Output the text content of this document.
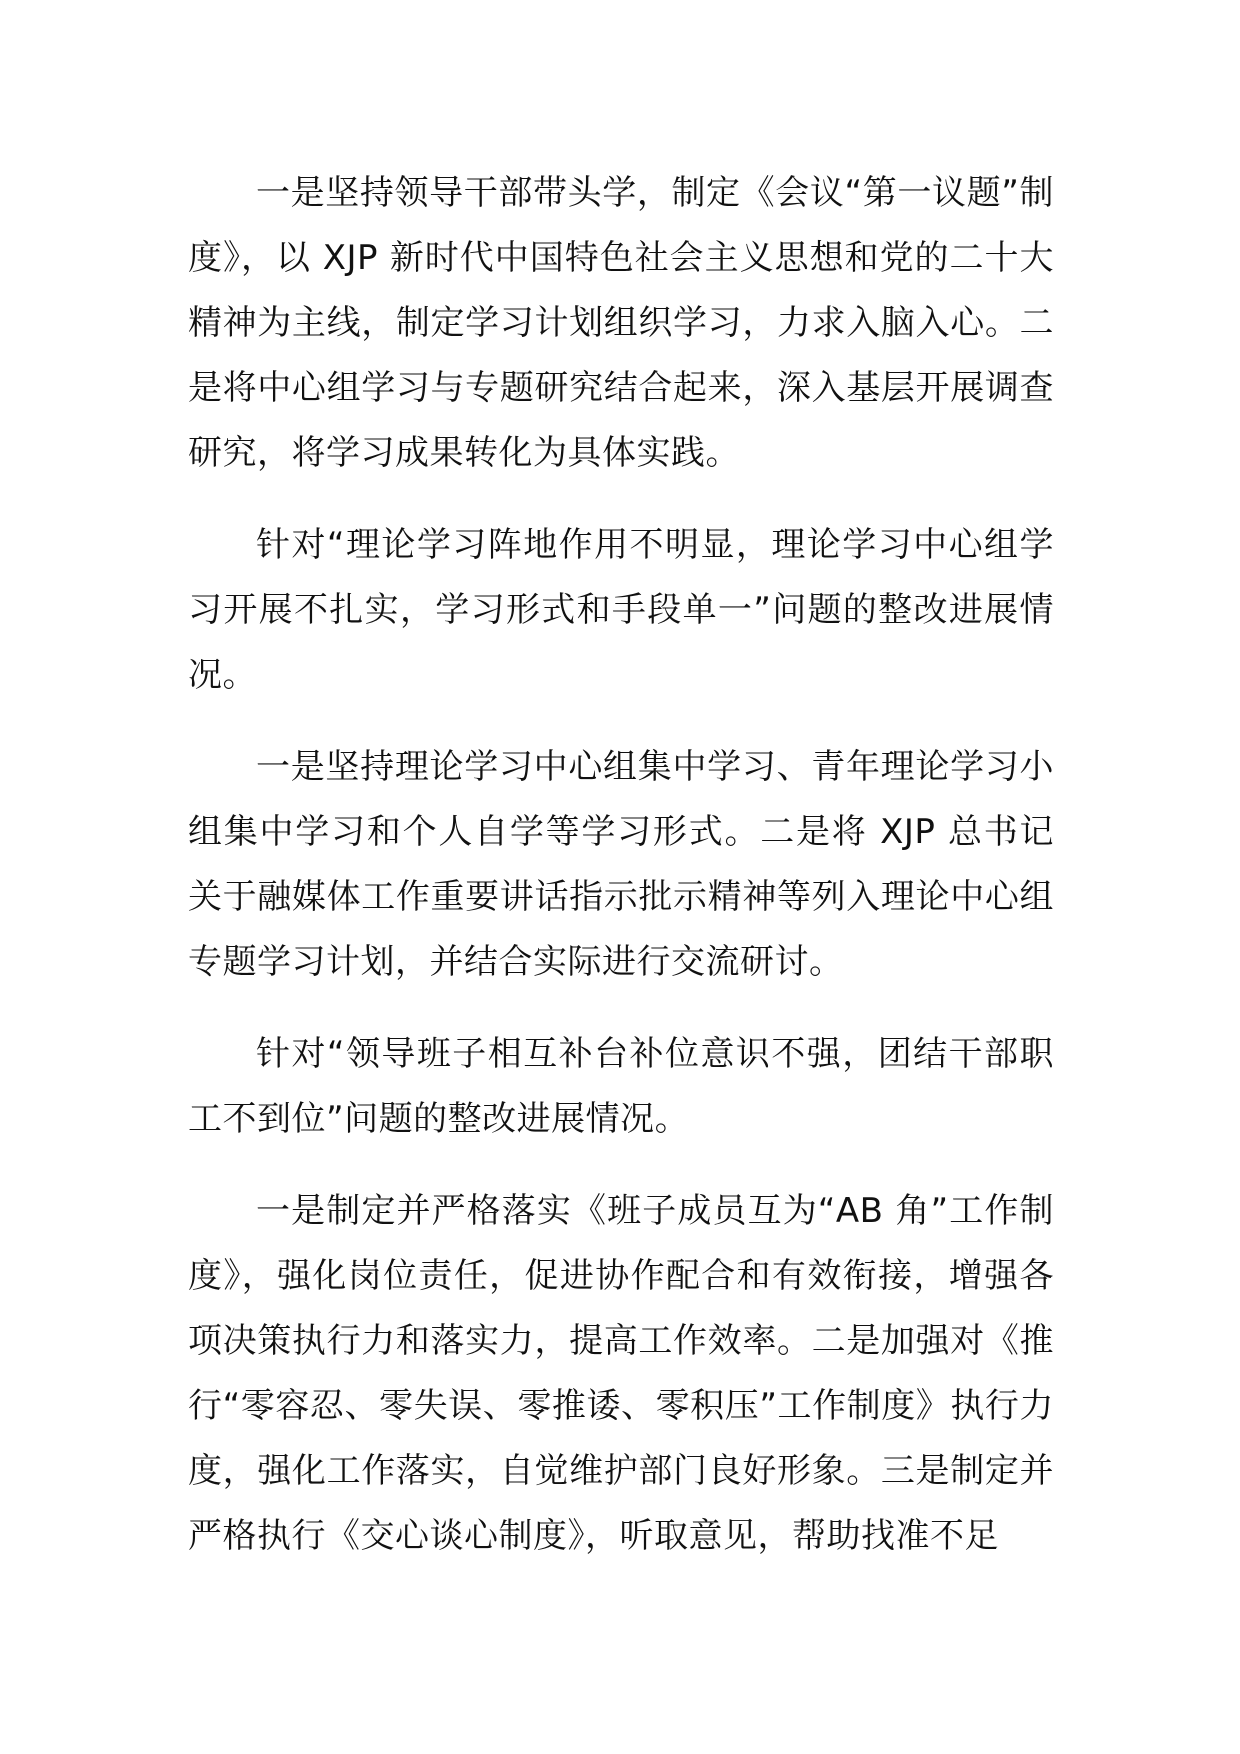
一是坚持领导干部带头学，制定《会议“第一议题”制度》，以 XJP 新时代中国特色社会主义思想和党的二十大精神为主线，制定学习计划组织学习，力求入脑入心。二是将中心组学习与专题研究结合起来，深入基层开展调查研究，将学习成果转化为具体实践。

针对“理论学习阵地作用不明显，理论学习中心组学习开展不扎实，学习形式和手段单一”问题的整改进展情况。

一是坚持理论学习中心组集中学习、青年理论学习小组集中学习和个人自学等学习形式。二是将 XJP 总书记关于融媒体工作重要讲话指示批示精神等列入理论中心组专题学习计划，并结合实际进行交流研讨。

针对“领导班子相互补台补位意识不强，团结干部职工不到位”问题的整改进展情况。

一是制定并严格落实《班子成员互为“AB 角”工作制度》，强化岗位责任，促进协作配合和有效衔接，增强各项决策执行力和落实力，提高工作效率。二是加强对《推行“零容忍、零失误、零推诿、零积压”工作制度》执行力度，强化工作落实，自觉维护部门良好形象。三是制定并严格执行《交心谈心制度》，听取意见，帮助找准不足
